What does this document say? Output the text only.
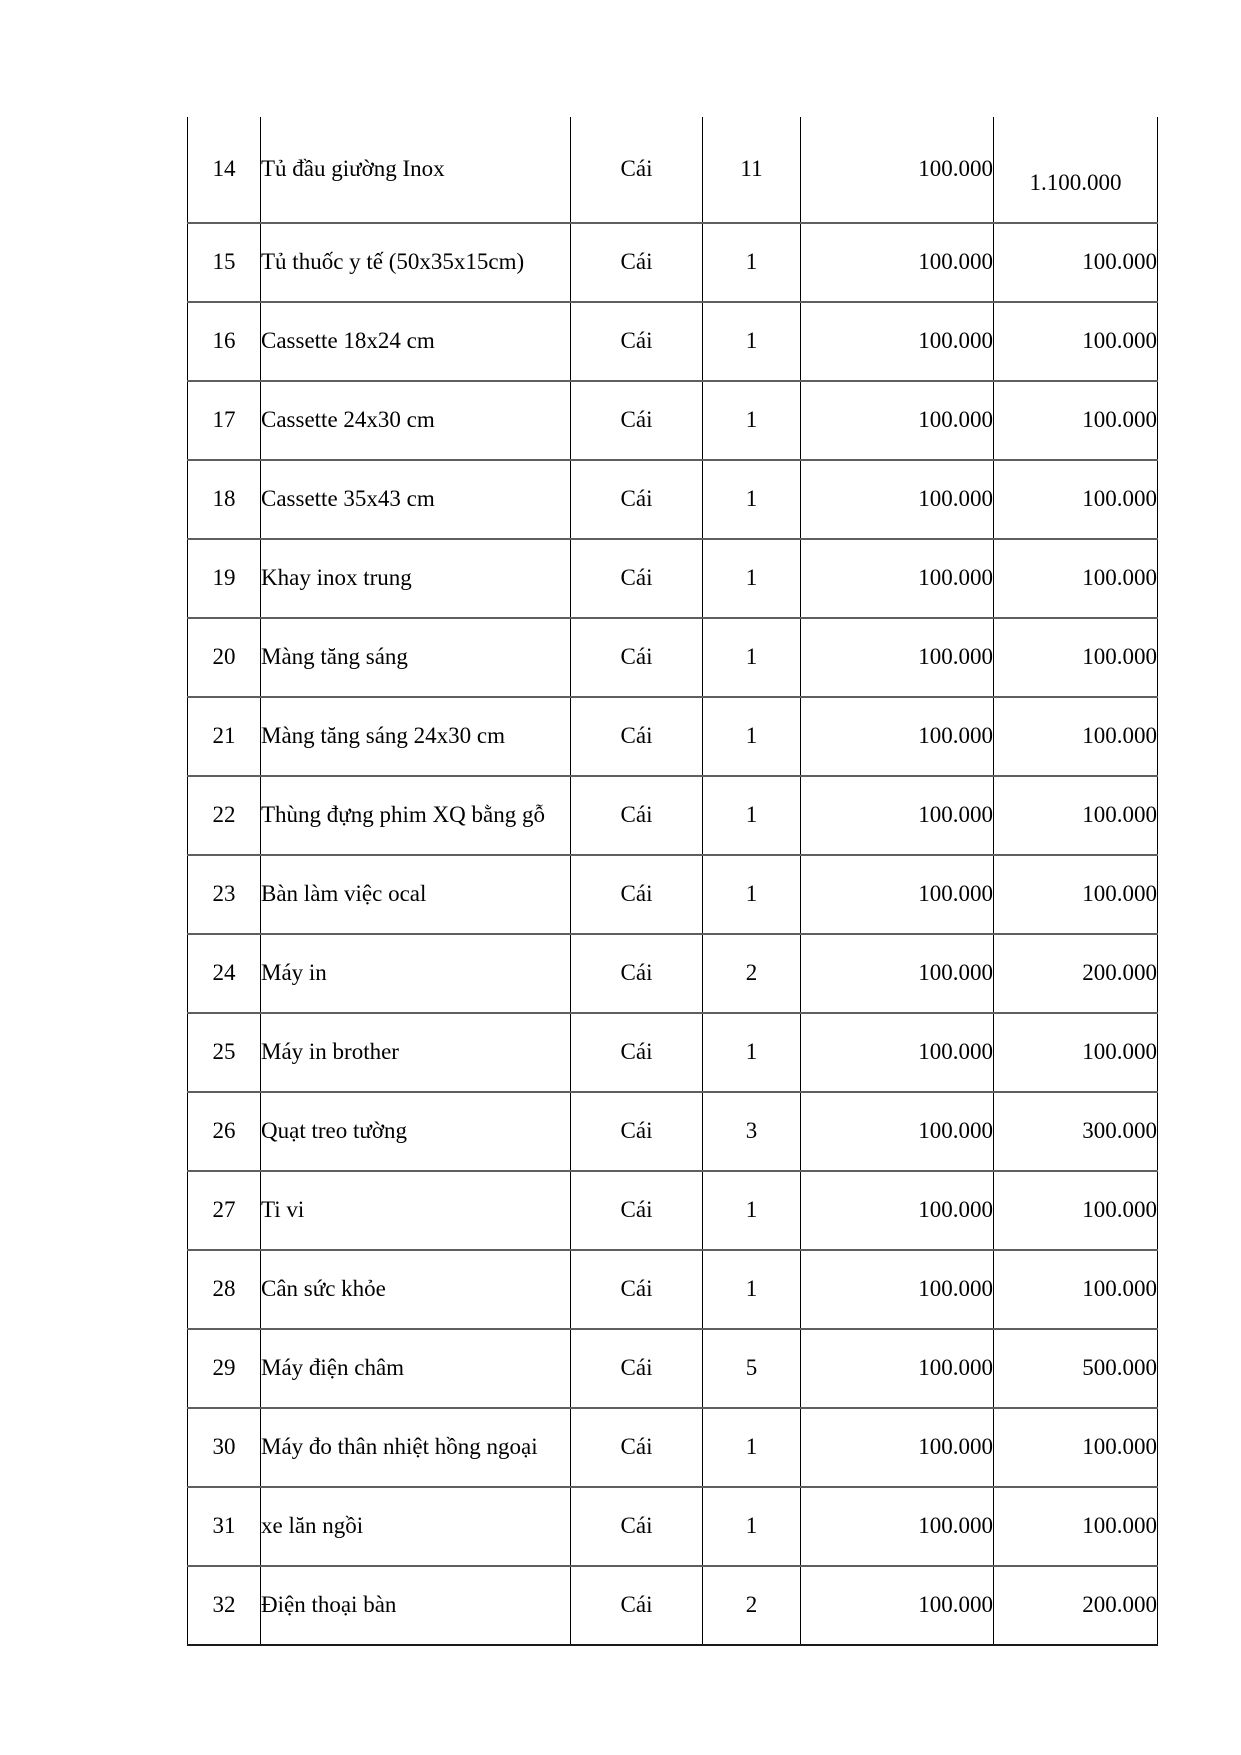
14	Tủ đầu giường Inox	Cái	11	100.000	1.100.000
15	Tủ thuốc y tế (50x35x15cm)	Cái	1	100.000	100.000
16	Cassette 18x24 cm	Cái	1	100.000	100.000
17	Cassette 24x30 cm	Cái	1	100.000	100.000
18	Cassette 35x43 cm	Cái	1	100.000	100.000
19	Khay inox trung	Cái	1	100.000	100.000
20	Màng tăng sáng	Cái	1	100.000	100.000
21	Màng tăng sáng 24x30 cm	Cái	1	100.000	100.000
22	Thùng đựng phim XQ bằng gỗ	Cái	1	100.000	100.000
23	Bàn làm việc ocal	Cái	1	100.000	100.000
24	Máy in	Cái	2	100.000	200.000
25	Máy in brother	Cái	1	100.000	100.000
26	Quạt treo tường	Cái	3	100.000	300.000
27	Ti vi	Cái	1	100.000	100.000
28	Cân sức khỏe	Cái	1	100.000	100.000
29	Máy điện châm	Cái	5	100.000	500.000
30	Máy đo thân nhiệt hồng ngoại	Cái	1	100.000	100.000
31	xe lăn ngồi	Cái	1	100.000	100.000
32	Điện thoại bàn	Cái	2	100.000	200.000
